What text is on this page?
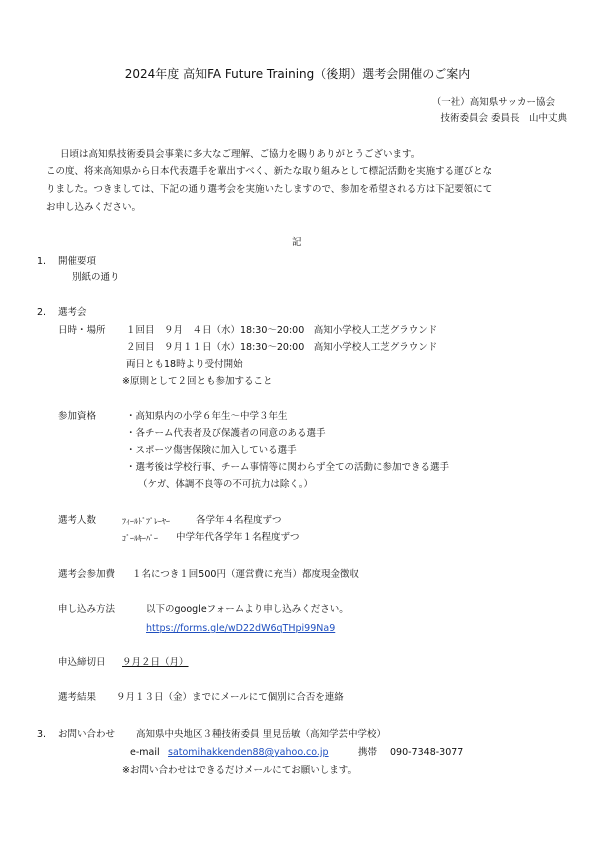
2024年度 高知FA Future Training（後期）選考会開催のご案内
（一社）高知県サッカー協会
技術委員会 委員長　山中丈典
日頃は高知県技術委員会事業に多大なご理解、ご協力を賜りありがとうございます。
この度、将来高知県から日本代表選手を輩出すべく、新たな取り組みとして標記活動を実施する運びとな
りました。つきましては、下記の通り選考会を実施いたしますので、参加を希望される方は下記要領にて
お申し込みください。
記
1. 開催要項
別紙の通り
2. 選考会
日時・場所 １回目　９月　４日（水）18:30～20:00　高知小学校人工芝グラウンド
２回目　９月１１日（水）18:30～20:00　高知小学校人工芝グラウンド
両日とも18時より受付開始
※原則として２回とも参加すること
参加資格	・高知県内の小学６年生～中学３年生
・各チーム代表者及び保護者の同意のある選手
・スポーツ傷害保険に加入している選手
・選考後は学校行事、チーム事情等に関わらず全ての活動に参加できる選手
（ケガ、体調不良等の不可抗力は除く。）
選考人数	ﾌｨｰﾙﾄﾞﾌﾟﾚｰﾔｰ	各学年４名程度ずつ
ｺﾞｰﾙｷｰﾊﾟｰ 中学年代各学年１名程度ずつ
選考会参加費 １名につき１回500円（運営費に充当）都度現金徴収
申し込み方法	以下のgoogleフォームより申し込みください。
https://forms.gle/wD22dW6qTHpi99Na9
申込締切日 ９月２日（月）
選考結果 ９月１３日（金）までにメールにて個別に合否を連絡
3. お問い合わせ 高知県中央地区３種技術委員 里見岳敏（高知学芸中学校）
e-mail satomihakkenden88@yahoo.co.jp	携帯 090-7348-3077
※お問い合わせはできるだけメールにてお願いします。
